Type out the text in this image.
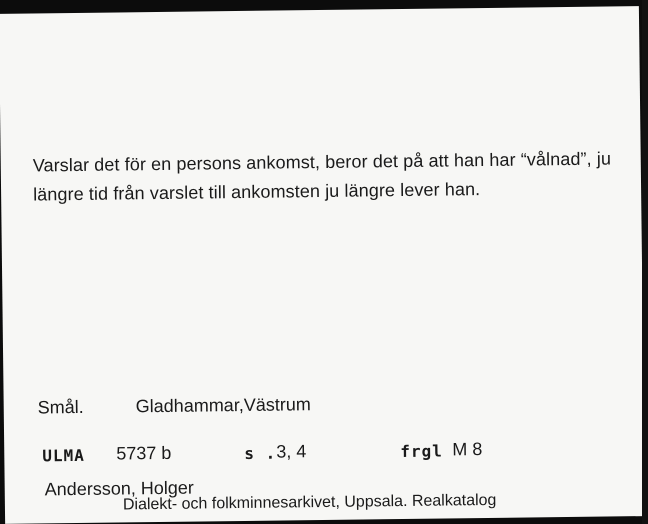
Varslar det för en persons ankomst, beror det på att han har “vålnad”, ju längre tid från varslet till ankomsten ju längre lever han.
Smål.	Gladhammar,Västrum
ULMA 5737 b	s . 3, 4	frgl M 8
Andersson, Holger
Dialekt- och folkminnesarkivet, Uppsala. Realkatalog
